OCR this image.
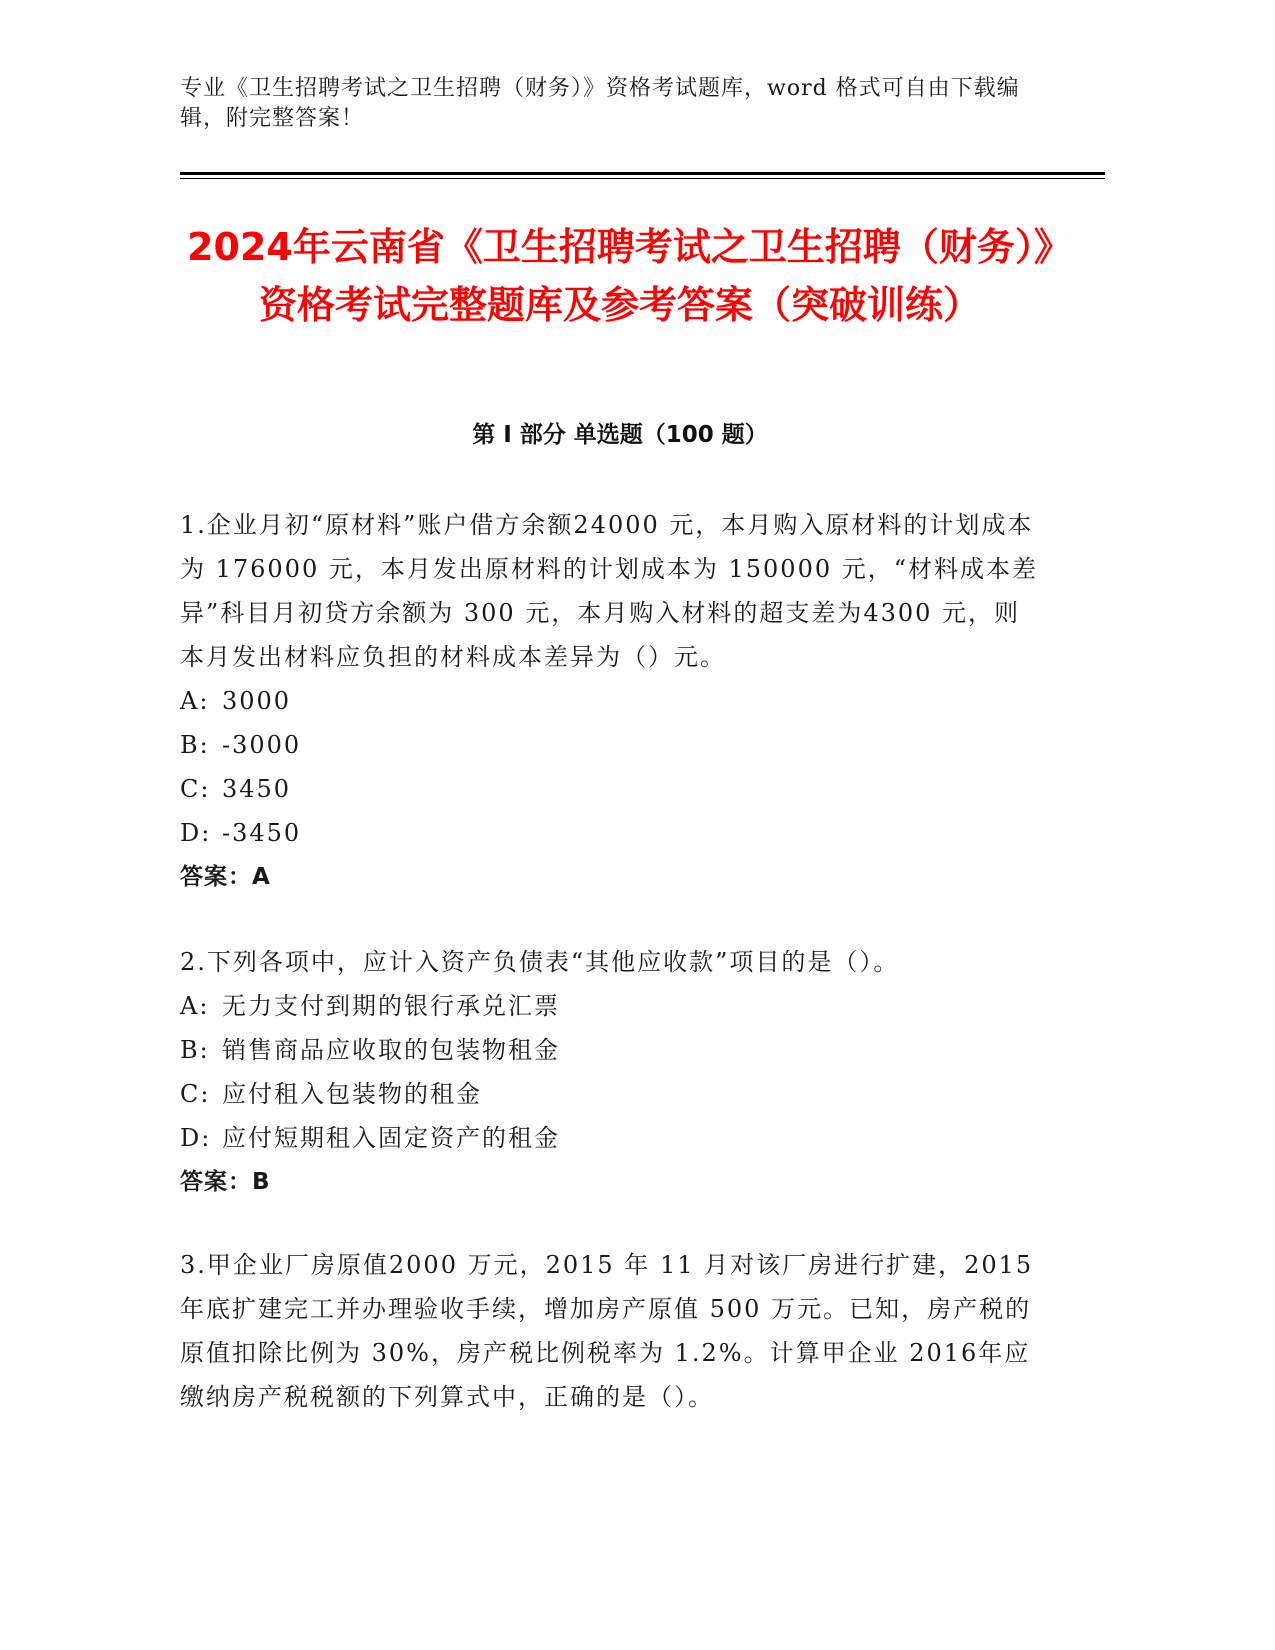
专业《卫生招聘考试之卫生招聘（财务）》资格考试题库，word 格式可自由下载编辑，附完整答案！
2024年云南省《卫生招聘考试之卫生招聘（财务）》资格考试完整题库及参考答案（突破训练）
第 I 部分 单选题（100 题）

1.企业月初“原材料”账户借方余额24000 元，本月购入原材料的计划成本为 176000 元，本月发出原材料的计划成本为 150000 元，“材料成本差异”科目月初贷方余额为 300 元，本月购入材料的超支差为4300 元，则本月发出材料应负担的材料成本差异为（）元。

A: 3000

B: -3000

C: 3450

D: -3450

答案：A

2.下列各项中，应计入资产负债表“其他应收款”项目的是（）。

A: 无力支付到期的银行承兑汇票

B: 销售商品应收取的包装物租金

C: 应付租入包装物的租金

D: 应付短期租入固定资产的租金

答案：B

3.甲企业厂房原值2000 万元，2015 年 11 月对该厂房进行扩建，2015年底扩建完工并办理验收手续，增加房产原值 500 万元。已知，房产税的原值扣除比例为 30%，房产税比例税率为 1.2%。计算甲企业 2016年应缴纳房产税税额的下列算式中，正确的是（）。
